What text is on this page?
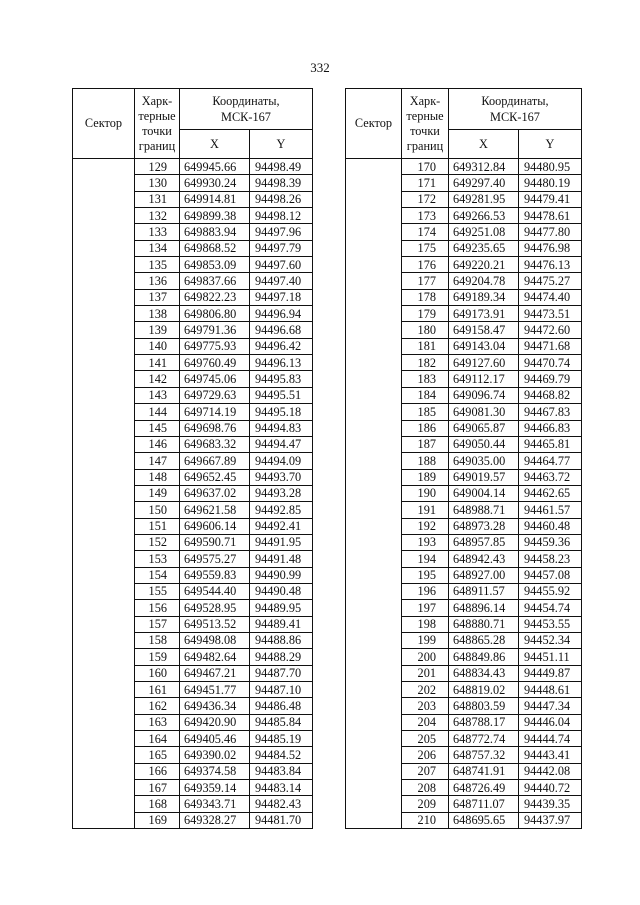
332
Сектор	Харк-
терные
точки
границ	Координаты,
МСК-167	

		X	Y
	129	649945.66	94498.49
	130	649930.24	94498.39
	131	649914.81	94498.26
	132	649899.38	94498.12
	133	649883.94	94497.96
	134	649868.52	94497.79
	135	649853.09	94497.60
	136	649837.66	94497.40
	137	649822.23	94497.18
	138	649806.80	94496.94
	139	649791.36	94496.68
	140	649775.93	94496.42
	141	649760.49	94496.13
	142	649745.06	94495.83
	143	649729.63	94495.51
	144	649714.19	94495.18
	145	649698.76	94494.83
	146	649683.32	94494.47
	147	649667.89	94494.09
	148	649652.45	94493.70
	149	649637.02	94493.28
	150	649621.58	94492.85
	151	649606.14	94492.41
	152	649590.71	94491.95
	153	649575.27	94491.48
	154	649559.83	94490.99
	155	649544.40	94490.48
	156	649528.95	94489.95
	157	649513.52	94489.41
	158	649498.08	94488.86
	159	649482.64	94488.29
	160	649467.21	94487.70
	161	649451.77	94487.10
	162	649436.34	94486.48
	163	649420.90	94485.84
	164	649405.46	94485.19
	165	649390.02	94484.52
	166	649374.58	94483.84
	167	649359.14	94483.14
	168	649343.71	94482.43
	169	649328.27	94481.70
Сектор	Харк-
терные
точки
границ	Координаты,
МСК-167	

		X	Y
	170	649312.84	94480.95
	171	649297.40	94480.19
	172	649281.95	94479.41
	173	649266.53	94478.61
	174	649251.08	94477.80
	175	649235.65	94476.98
	176	649220.21	94476.13
	177	649204.78	94475.27
	178	649189.34	94474.40
	179	649173.91	94473.51
	180	649158.47	94472.60
	181	649143.04	94471.68
	182	649127.60	94470.74
	183	649112.17	94469.79
	184	649096.74	94468.82
	185	649081.30	94467.83
	186	649065.87	94466.83
	187	649050.44	94465.81
	188	649035.00	94464.77
	189	649019.57	94463.72
	190	649004.14	94462.65
	191	648988.71	94461.57
	192	648973.28	94460.48
	193	648957.85	94459.36
	194	648942.43	94458.23
	195	648927.00	94457.08
	196	648911.57	94455.92
	197	648896.14	94454.74
	198	648880.71	94453.55
	199	648865.28	94452.34
	200	648849.86	94451.11
	201	648834.43	94449.87
	202	648819.02	94448.61
	203	648803.59	94447.34
	204	648788.17	94446.04
	205	648772.74	94444.74
	206	648757.32	94443.41
	207	648741.91	94442.08
	208	648726.49	94440.72
	209	648711.07	94439.35
	210	648695.65	94437.97
